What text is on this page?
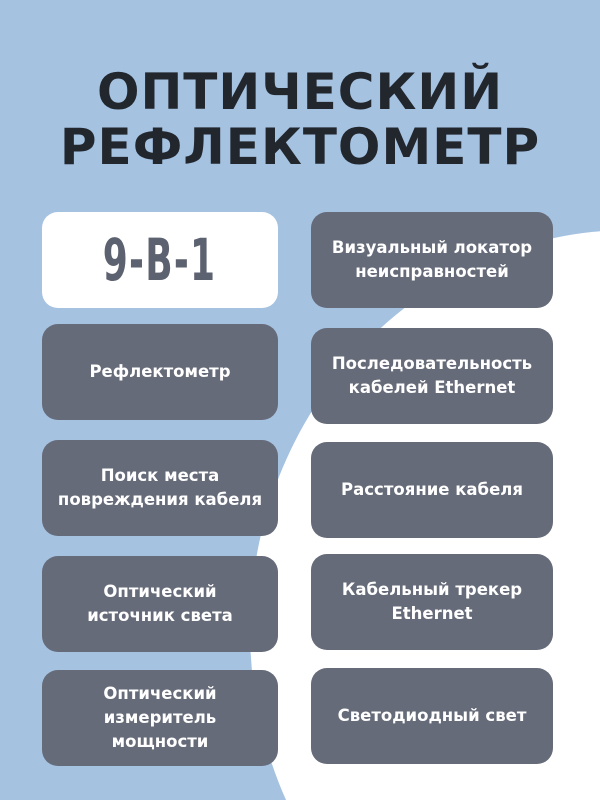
ОПТИЧЕСКИЙ
РЕФЛЕКТОМЕТР
9-В-1
Рефлектометр
Поиск места
повреждения кабеля
Оптический
источник света
Оптический
измеритель мощности
Визуальный локатор
неисправностей
Последовательность
кабелей Ethernet
Расстояние кабеля
Кабельный трекер
Ethernet
Светодиодный свет
